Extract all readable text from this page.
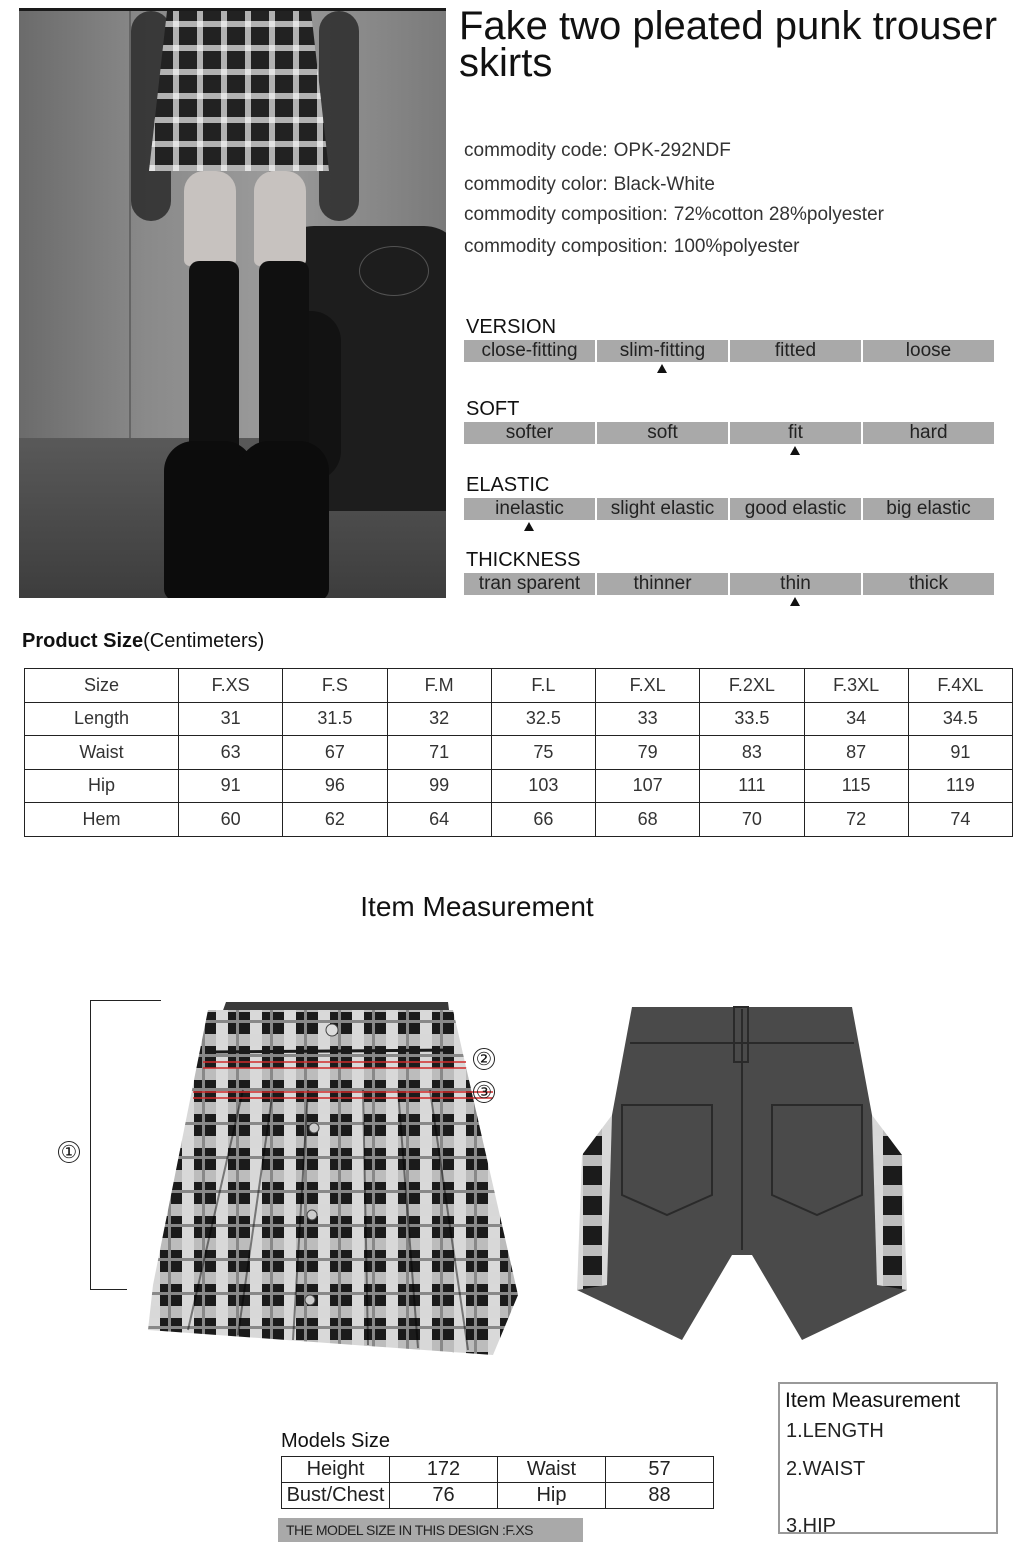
Fake two pleated punk trouser skirts
commodity code: OPK-292NDF
commodity color: Black-White
commodity composition: 72%cotton 28%polyester
commodity composition: 100%polyester
VERSION
close-fitting	slim-fitting	fitted	loose
SOFT
softer	soft	fit	hard
ELASTIC
inelastic	slight elastic	good elastic	big elastic
THICKNESS
tran sparent	thinner	thin	thick
Product Size(Centimeters)
Size	F.XS	F.S	F.M	F.L	F.XL	F.2XL	F.3XL	F.4XL
Length	31	31.5	32	32.5	33	33.5	34	34.5
Waist	63	67	71	75	79	83	87	91
Hip	91	96	99	103	107	111	115	119
Hem	60	62	64	66	68	70	72	74
Item Measurement
①
②
③
Models Size
Height	172	Waist	57
Bust/Chest	76	Hip	88
THE MODEL SIZE IN THIS DESIGN :F.XS
Item Measurement
1.LENGTH
2.WAIST
3.HIP
